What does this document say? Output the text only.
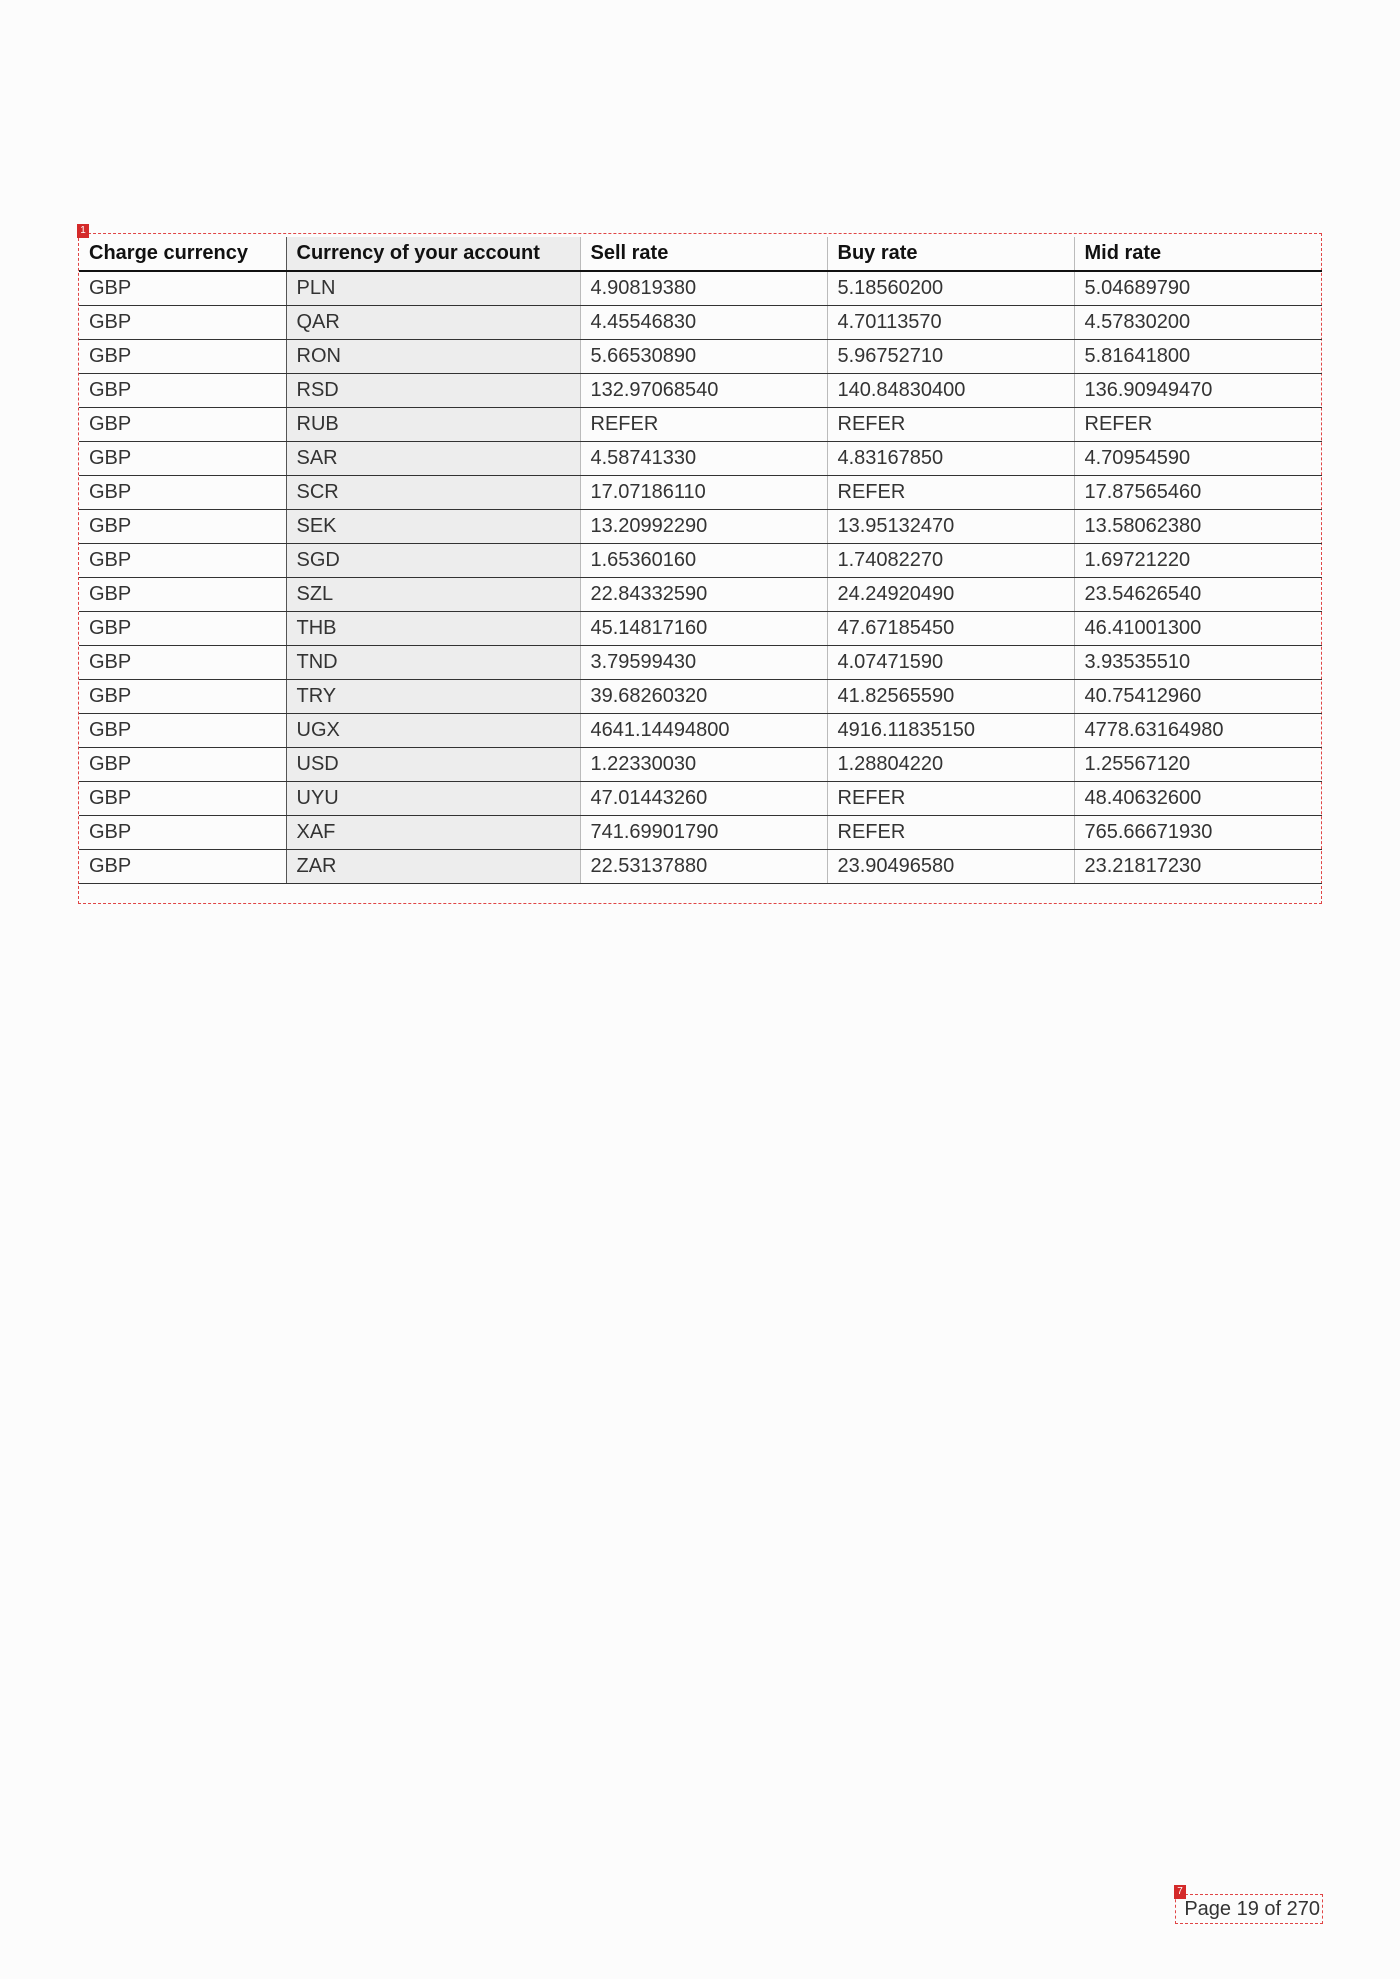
1
Charge currency	Currency of your account	Sell rate	Buy rate	Mid rate
GBP	PLN	4.90819380	5.18560200	5.04689790
GBP	QAR	4.45546830	4.70113570	4.57830200
GBP	RON	5.66530890	5.96752710	5.81641800
GBP	RSD	132.97068540	140.84830400	136.90949470
GBP	RUB	REFER	REFER	REFER
GBP	SAR	4.58741330	4.83167850	4.70954590
GBP	SCR	17.07186110	REFER	17.87565460
GBP	SEK	13.20992290	13.95132470	13.58062380
GBP	SGD	1.65360160	1.74082270	1.69721220
GBP	SZL	22.84332590	24.24920490	23.54626540
GBP	THB	45.14817160	47.67185450	46.41001300
GBP	TND	3.79599430	4.07471590	3.93535510
GBP	TRY	39.68260320	41.82565590	40.75412960
GBP	UGX	4641.14494800	4916.11835150	4778.63164980
GBP	USD	1.22330030	1.28804220	1.25567120
GBP	UYU	47.01443260	REFER	48.40632600
GBP	XAF	741.69901790	REFER	765.66671930
GBP	ZAR	22.53137880	23.90496580	23.21817230
7
Page 19 of 270
